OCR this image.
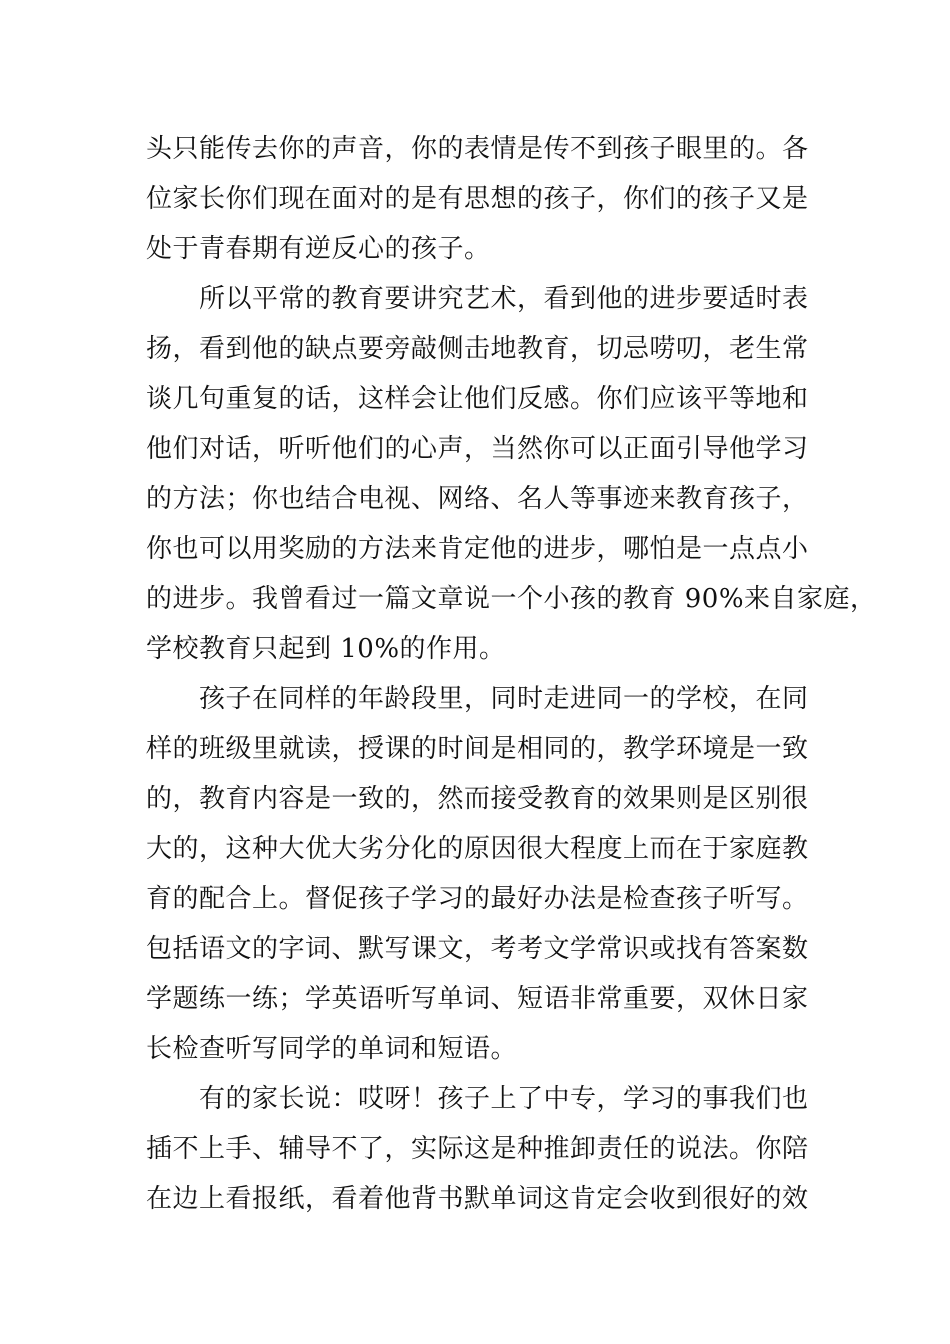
头只能传去你的声音，你的表情是传不到孩子眼里的。各
位家长你们现在面对的是有思想的孩子，你们的孩子又是
处于青春期有逆反心的孩子。
　　所以平常的教育要讲究艺术，看到他的进步要适时表
扬，看到他的缺点要旁敲侧击地教育，切忌唠叨，老生常
谈几句重复的话，这样会让他们反感。你们应该平等地和
他们对话，听听他们的心声，当然你可以正面引导他学习
的方法；你也结合电视、网络、名人等事迹来教育孩子，
你也可以用奖励的方法来肯定他的进步，哪怕是一点点小
的进步。我曾看过一篇文章说一个小孩的教育 90%来自家庭，
学校教育只起到 10%的作用。
　　孩子在同样的年龄段里，同时走进同一的学校，在同
样的班级里就读，授课的时间是相同的，教学环境是一致
的，教育内容是一致的，然而接受教育的效果则是区别很
大的，这种大优大劣分化的原因很大程度上而在于家庭教
育的配合上。督促孩子学习的最好办法是检查孩子听写。
包括语文的字词、默写课文，考考文学常识或找有答案数
学题练一练；学英语听写单词、短语非常重要，双休日家
长检查听写同学的单词和短语。
　　有的家长说：哎呀！孩子上了中专，学习的事我们也
插不上手、辅导不了，实际这是种推卸责任的说法。你陪
在边上看报纸，看着他背书默单词这肯定会收到很好的效
